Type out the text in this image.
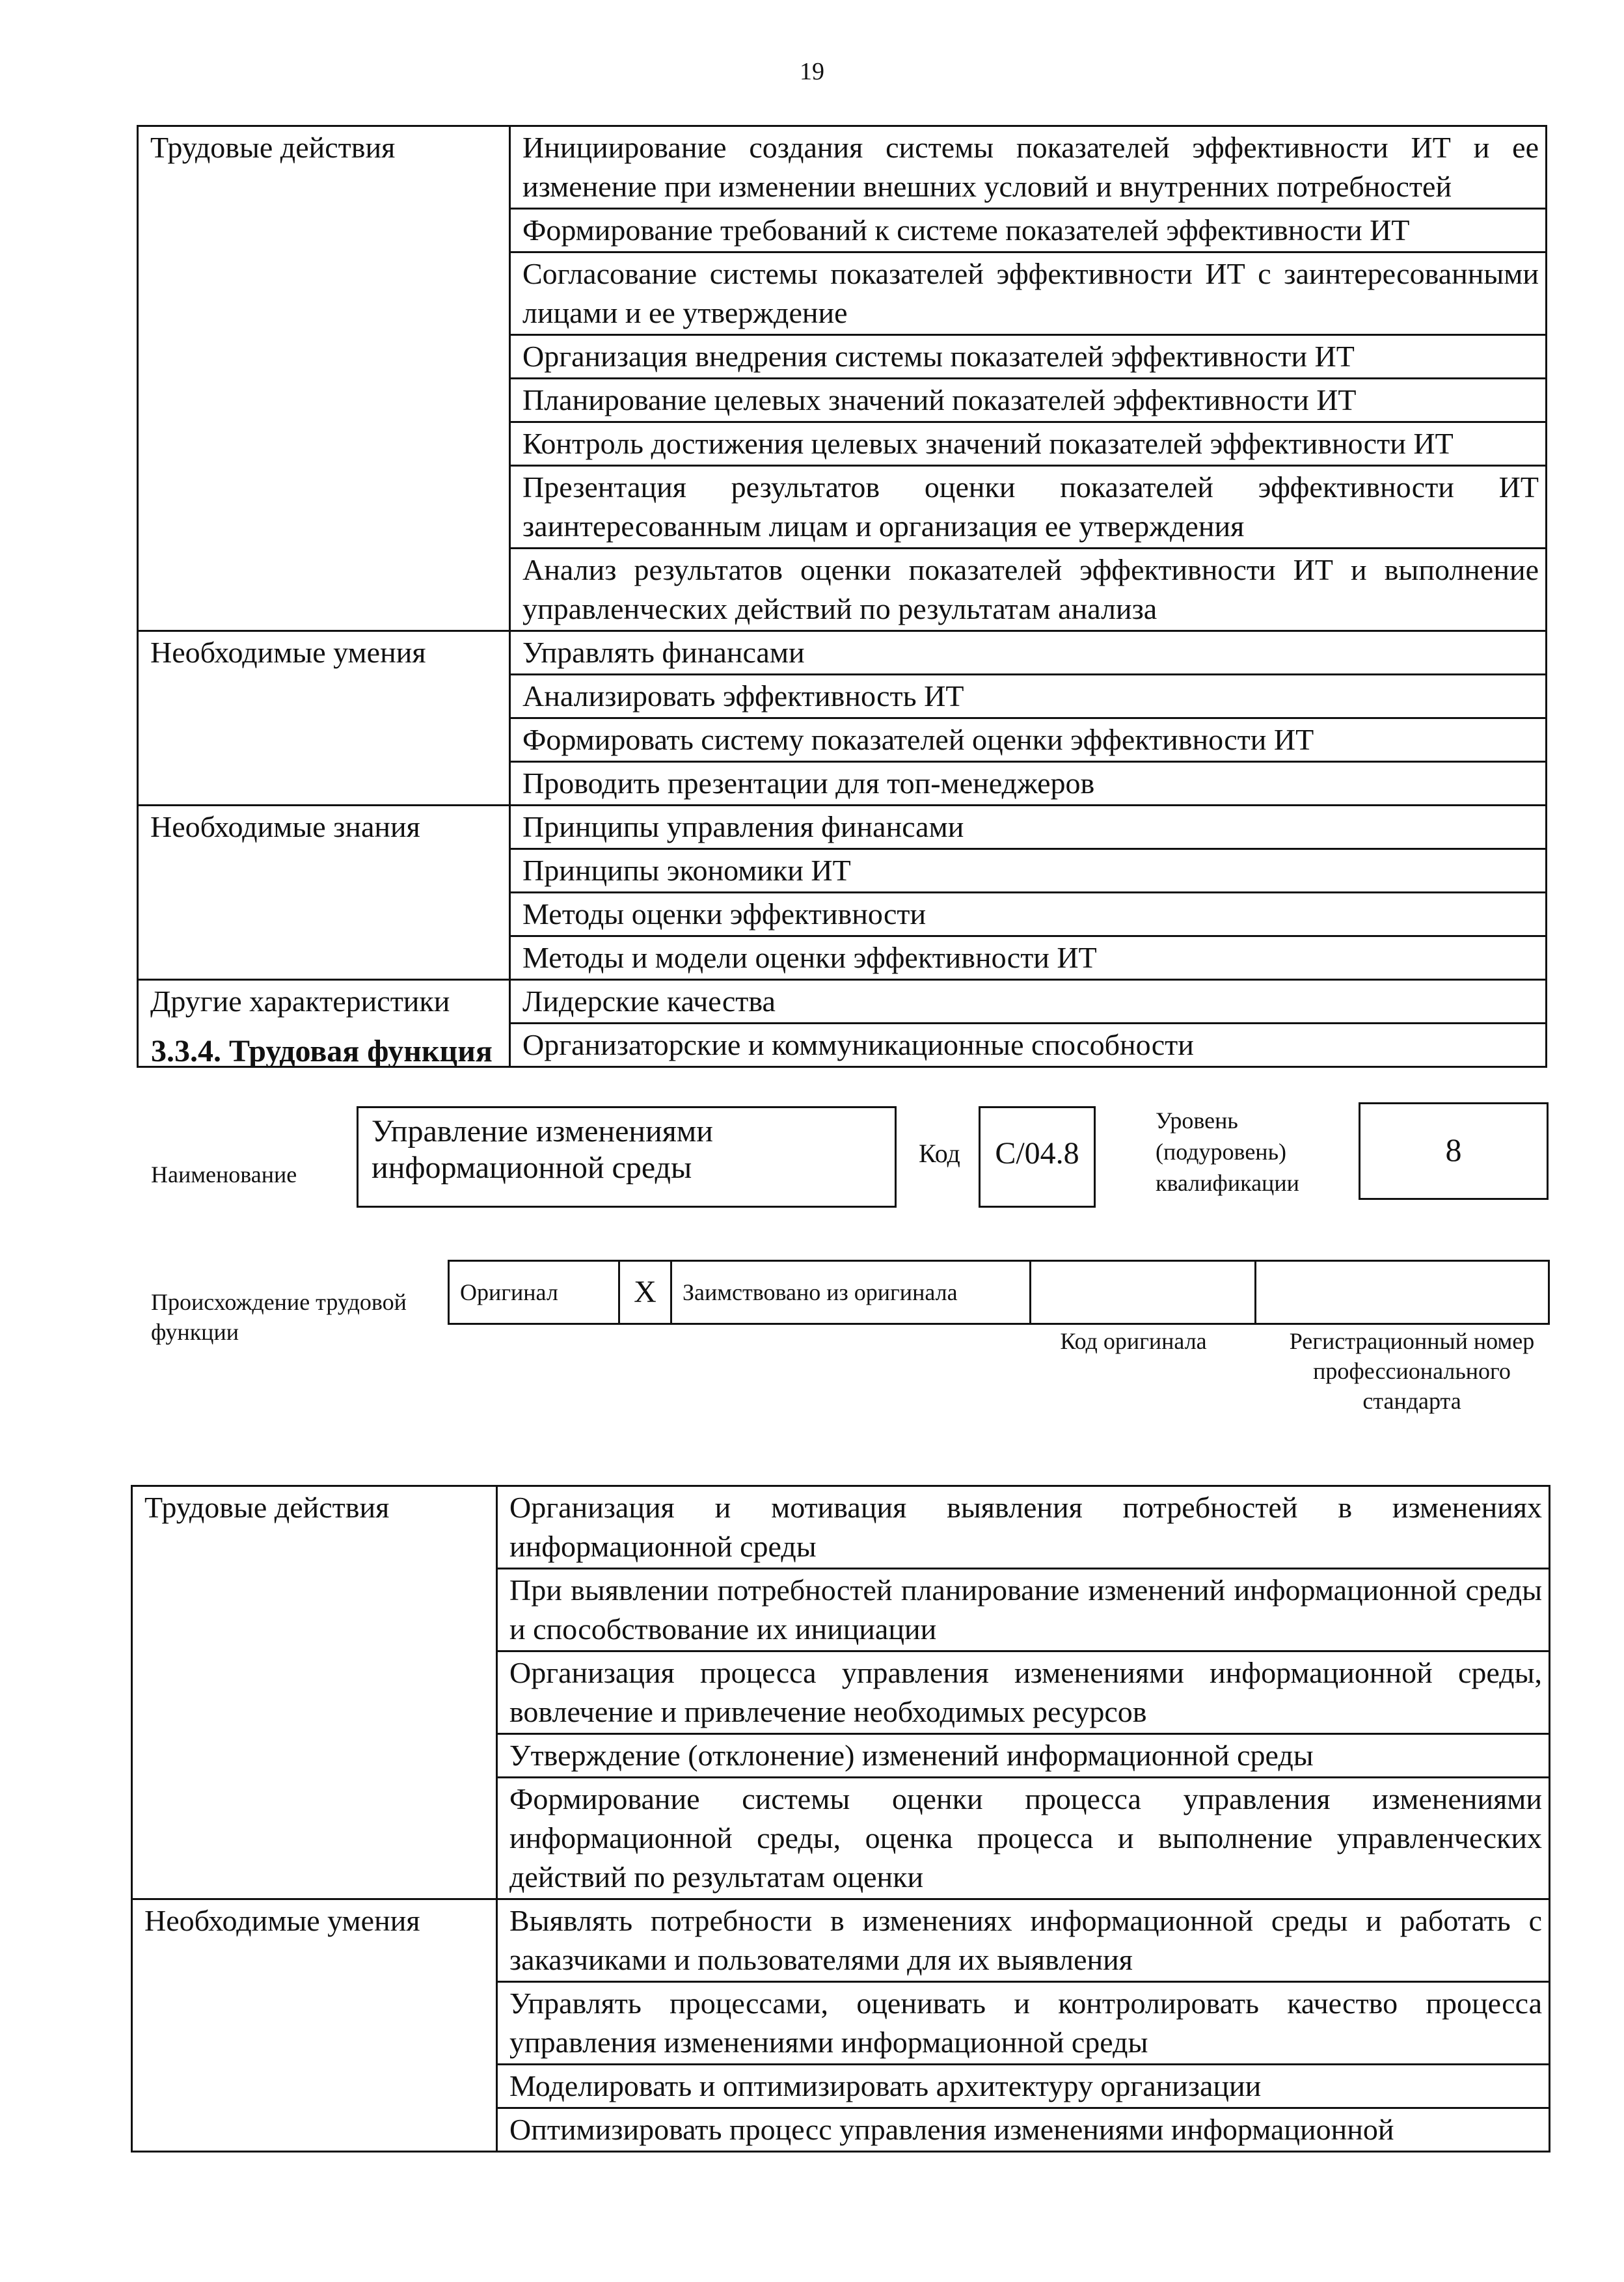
19
Трудовые действия	Инициирование создания системы показателей эффективности ИТ и ее изменение при изменении внешних условий и внутренних потребностей
	Формирование требований к системе показателей эффективности ИТ
	Согласование системы показателей эффективности ИТ с заинтересованными лицами и ее утверждение
	Организация внедрения системы показателей эффективности ИТ
	Планирование целевых значений показателей эффективности ИТ
	Контроль достижения целевых значений показателей эффективности ИТ
	Презентация результатов оценки показателей эффективности ИТ заинтересованным лицам и организация ее утверждения
	Анализ результатов оценки показателей эффективности ИТ и выполнение управленческих действий по результатам анализа
Необходимые умения	Управлять финансами
	Анализировать эффективность ИТ
	Формировать систему показателей оценки эффективности ИТ
	Проводить презентации для топ-менеджеров
Необходимые знания	Принципы управления финансами
	Принципы экономики ИТ
	Методы оценки эффективности
	Методы и модели оценки эффективности ИТ
Другие характеристики	Лидерские качества
	Организаторские и коммуникационные способности
3.3.4. Трудовая функция
Наименование
Управление изменениями информационной среды	Код	C/04.8
Уровень (подуровень) квалификации
8
Происхождение трудовой функции
Оригинал	X	Заимствовано из оригинала		
Код оригинала	Регистрационный номер профессионального стандарта
Трудовые действия	Организация и мотивация выявления потребностей в изменениях информационной среды
	При выявлении потребностей планирование изменений информационной среды и способствование их инициации
	Организация процесса управления изменениями информационной среды, вовлечение и привлечение необходимых ресурсов
	Утверждение (отклонение) изменений информационной среды
	Формирование системы оценки процесса управления изменениями информационной среды, оценка процесса и выполнение управленческих действий по результатам оценки
Необходимые умения	Выявлять потребности в изменениях информационной среды и работать с заказчиками и пользователями для их выявления
	Управлять процессами, оценивать и контролировать качество процесса управления изменениями информационной среды
	Моделировать и оптимизировать архитектуру организации
	Оптимизировать процесс управления изменениями информационной
